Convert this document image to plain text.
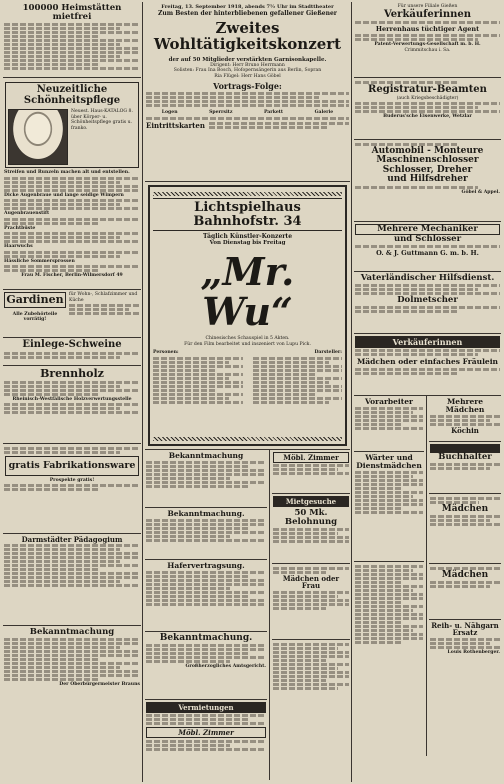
100000 Heimstätten mietfrei
Neuzeitliche Schönheitspflege
Neuest. Haus-KATALOG 8. über Körper- u. Schönheitspflege gratis u. franko.
Streifen und Runzeln machen alt und entstellen.
Dicke Augenbraue und lange seidige Wimpern
Augenbrauenstift
Prachtbüste
Haarwuchs
Hässliche Sommersprossen
Frau M. Fischer, Berlin-Wilmersdorf 49
Gardinen
Alle Zubehörteile vorrätig!
für Wohn-, Schlafzimmer und Küche
Einlege-Schweine
Brennholz
Rheinisch-Westfälische Holzverwertungsstelle
gratis Fabrikationsware
Prospekte gratis!
Darmstädter Pädagogium
Bekanntmachung
Der Oberbürgermeister Brauns
Freitag, 13. September 1918, abends 7½ Uhr im Stadttheater
Zum Besten der hinterbliebenen gefallener Gießener
Zweites Wohltätigkeitskonzert
der auf 50 Mitglieder verstärkten Garnisonkapelle.
Dirigent: Herr Bruno Herrmann
Solisten: Frau Ina Bosch, Hofopernsängerin aus Berlin, Sopran
Ria Flügel: Herr Hans Göbel
Vortrags-Folge:
Logen	Sperrsitz	Parkett	Galerie
Eintrittskarten
Lichtspielhaus Bahnhofstr. 34
Täglich Künstler-Konzerte
Von Dienstag bis Freitag
„Mr. Wu“
Chinesisches Schauspiel in 5 Akten.
Für den Film bearbeitet und inszeniert von Lupu Pick.
Personen:	Darsteller:
Bekanntmachung
Bekanntmachung.
Hafervertragsung.
Bekanntmachung.
Großherzogliches Amtsgericht.
Vermietungen
Möbl. Zimmer
Möbl. Zimmer
Mietgesuche
50 Mk. Belohnung
Mädchen oder Frau
Für unsere Filiale Gießen
Verkäuferinnen
Herrenhaus tüchtiger Agent
Patent-Verwertungs-Gesellschaft m. b. H.
Crimmitschau i. Sa.
Registratur-Beamten
(auch Kriegsbeschädigter)
Buderus'sche Eisenwerke, Wetzlar
Automobil - Monteure
Maschinenschlosser
Schlosser, Dreher
und Hilfsdreher
Göbel & Appel.
Mehrere Mechaniker
und Schlosser
O. & J. Guttmann G. m. b. H.
Vaterländischer Hilfsdienst.
Dolmetscher
Verkäuferinnen
Mädchen oder einfaches Fräulein
Vorarbeiter
Wärter und Dienstmädchen
Mehrere Mädchen
Köchin

Buchhalter
Mädchen
Mädchen
Reih- u. Nähgarn Ersatz
Louis Rothenberger.
